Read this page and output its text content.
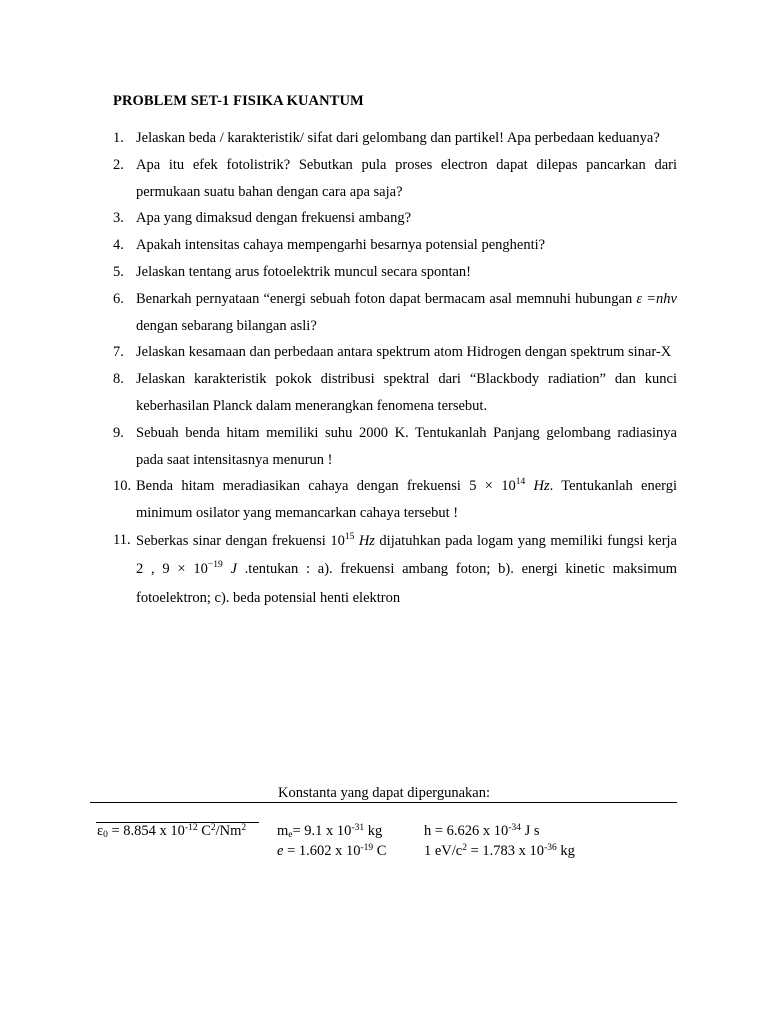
PROBLEM SET-1 FISIKA KUANTUM
1. Jelaskan beda / karakteristik/ sifat dari gelombang dan partikel! Apa perbedaan keduanya?
2. Apa itu efek fotolistrik? Sebutkan pula proses electron dapat dilepas pancarkan dari permukaan suatu bahan dengan cara apa saja?
3. Apa yang dimaksud dengan frekuensi ambang?
4. Apakah intensitas cahaya mempengarhi besarnya potensial penghenti?
5. Jelaskan tentang arus fotoelektrik muncul secara spontan!
6. Benarkah pernyataan “energi sebuah foton dapat bermacam asal memnuhi hubungan ε =nhv dengan sebarang bilangan asli?
7. Jelaskan kesamaan dan perbedaan antara spektrum atom Hidrogen dengan spektrum sinar-X
8. Jelaskan karakteristik pokok distribusi spektral dari “Blackbody radiation” dan kunci keberhasilan Planck dalam menerangkan fenomena tersebut.
9. Sebuah benda hitam memiliki suhu 2000 K. Tentukanlah Panjang gelombang radiasinya pada saat intensitasnya menurun !
10. Benda hitam meradiasikan cahaya dengan frekuensi $5 \times 10^{14}$ Hz. Tentukanlah energi minimum osilator yang memancarkan cahaya tersebut !
11. Seberkas sinar dengan frekuensi $10^{15}$ Hz dijatuhkan pada logam yang memiliki fungsi kerja 2 , $9 \times 10^{-19}$ J .tentukan : a). frekuensi ambang foton; b). energi kinetic maksimum fotoelektron; c). beda potensial henti elektron
Konstanta yang dapat dipergunakan:
ε0 = 8.854 x $10^{-12}$ $C^2/Nm^2$ me= 9.1 x $10^{-31}$ kg
e = 1.602 x $10^{-19}$ C
h = 6.626 x $10^{-34}$ J s
1 $eV/c^2 = 1.783$ x $10^{-36}$ kg
